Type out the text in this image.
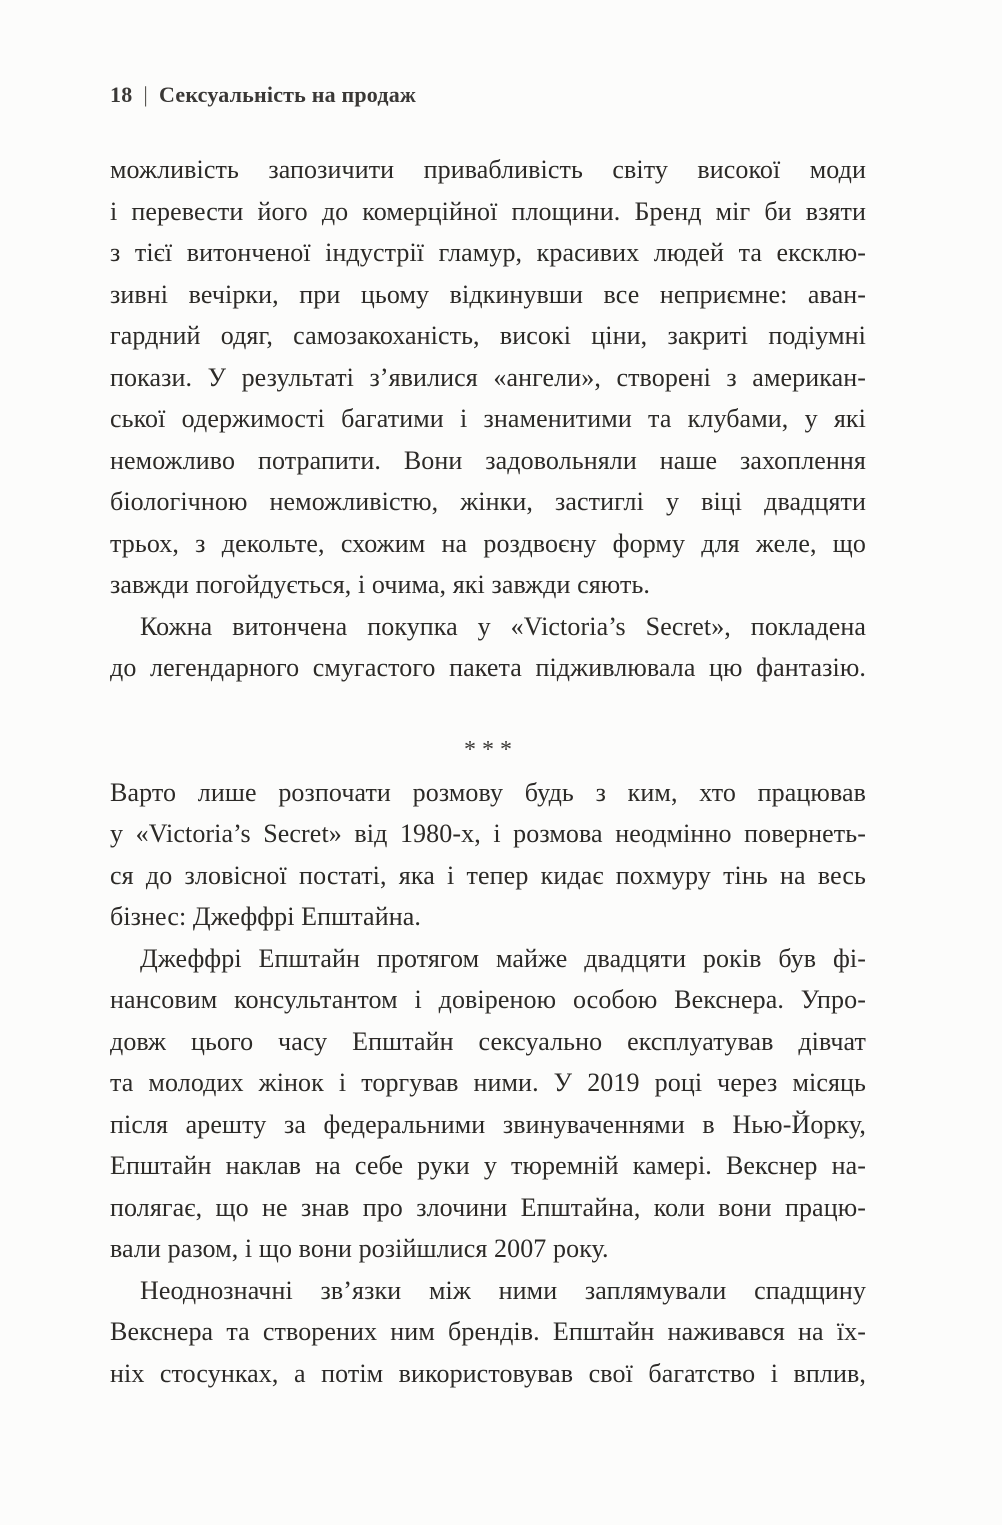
18 | Сексуальність на продаж
можливість запозичити привабливість світу високої моди
і перевести його до комерційної площини. Бренд міг би взяти
з тієї витонченої індустрії гламур, красивих людей та ексклю-
зивні вечірки, при цьому відкинувши все неприємне: аван-
гардний одяг, самозакоханість, високі ціни, закриті подіумні
покази. У результаті з’явилися «ангели», створені з американ-
ської одержимості багатими і знаменитими та клубами, у які
неможливо потрапити. Вони задовольняли наше захоплення
біологічною неможливістю, жінки, застиглі у віці двадцяти
трьох, з декольте, схожим на роздвоєну форму для желе, що
завжди погойдується, і очима, які завжди сяють.
Кожна витончена покупка у «Victoria’s Secret», покладена
до легендарного смугастого пакета підживлювала цю фантазію.
***
Варто лише розпочати розмову будь з ким, хто працював
у «Victoria’s Secret» від 1980-х, і розмова неодмінно повернеть-
ся до зловісної постаті, яка і тепер кидає похмуру тінь на весь
бізнес: Джеффрі Епштайна.
Джеффрі Епштайн протягом майже двадцяти років був фі-
нансовим консультантом і довіреною особою Векснера. Упро-
довж цього часу Епштайн сексуально експлуатував дівчат
та молодих жінок і торгував ними. У 2019 році через місяць
після арешту за федеральними звинуваченнями в Нью-Йорку,
Епштайн наклав на себе руки у тюремній камері. Векснер на-
полягає, що не знав про злочини Епштайна, коли вони працю-
вали разом, і що вони розійшлися 2007 року.
Неоднозначні зв’язки між ними заплямували спадщину
Векснера та створених ним брендів. Епштайн наживався на їх-
ніх стосунках, а потім використовував свої багатство і вплив,
